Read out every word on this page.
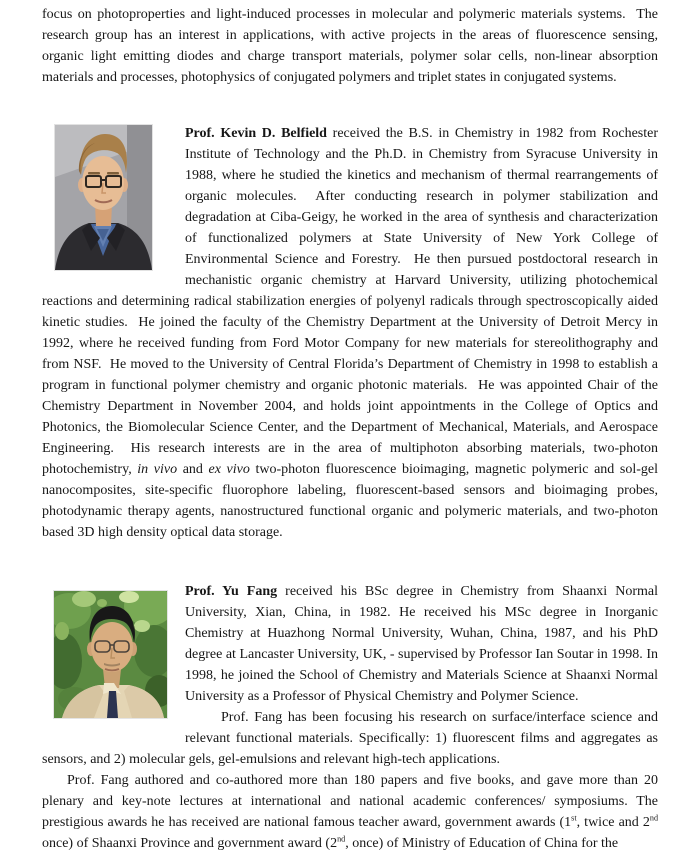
focus on photoproperties and light-induced processes in molecular and polymeric materials systems.  The research group has an interest in applications, with active projects in the areas of fluorescence sensing, organic light emitting diodes and charge transport materials, polymer solar cells, non-linear absorption materials and processes, photophysics of conjugated polymers and triplet states in conjugated systems.

Prof. Kevin D. Belfield received the B.S. in Chemistry in 1982 from Rochester Institute of Technology and the Ph.D. in Chemistry from Syracuse University in 1988, where he studied the kinetics and mechanism of thermal rearrangements of organic molecules.  After conducting research in polymer stabilization and degradation at Ciba-Geigy, he worked in the area of synthesis and characterization of functionalized polymers at State University of New York College of Environmental Science and Forestry.  He then pursued postdoctoral research in mechanistic organic chemistry at Harvard University, utilizing photochemical reactions and determining radical stabilization energies of polyenyl radicals through spectroscopically aided kinetic studies.  He joined the faculty of the Chemistry Department at the University of Detroit Mercy in 1992, where he received funding from Ford Motor Company for new materials for stereolithography and from NSF.  He moved to the University of Central Florida’s Department of Chemistry in 1998 to establish a program in functional polymer chemistry and organic photonic materials.  He was appointed Chair of the Chemistry Department in November 2004, and holds joint appointments in the College of Optics and Photonics, the Biomolecular Science Center, and the Department of Mechanical, Materials, and Aerospace Engineering.  His research interests are in the area of multiphoton absorbing materials, two-photon photochemistry, in vivo and ex vivo two-photon fluorescence bioimaging, magnetic polymeric and sol-gel nanocomposites, site-specific fluorophore labeling, fluorescent-based sensors and bioimaging probes, photodynamic therapy agents, nanostructured functional organic and polymeric materials, and two-photon based 3D high density optical data storage.

Prof. Yu Fang received his BSc degree in Chemistry from Shaanxi Normal University, Xian, China, in 1982. He received his MSc degree in Inorganic Chemistry at Huazhong Normal University, Wuhan, China, 1987, and his PhD degree at Lancaster University, UK, - supervised by Professor Ian Soutar in 1998. In 1998, he joined the School of Chemistry and Materials Science at Shaanxi Normal University as a Professor of Physical Chemistry and Polymer Science.

Prof. Fang has been focusing his research on surface/interface science and relevant functional materials. Specifically: 1) fluorescent films and aggregates as sensors, and 2) molecular gels, gel-emulsions and relevant high-tech applications.

Prof. Fang authored and co-authored more than 180 papers and five books, and gave more than 20 plenary and key-note lectures at international and national academic conferences/ symposiums. The prestigious awards he has received are national famous teacher award, government awards (1st, twice and 2nd once) of Shaanxi Province and government award (2nd, once) of Ministry of Education of China for the
